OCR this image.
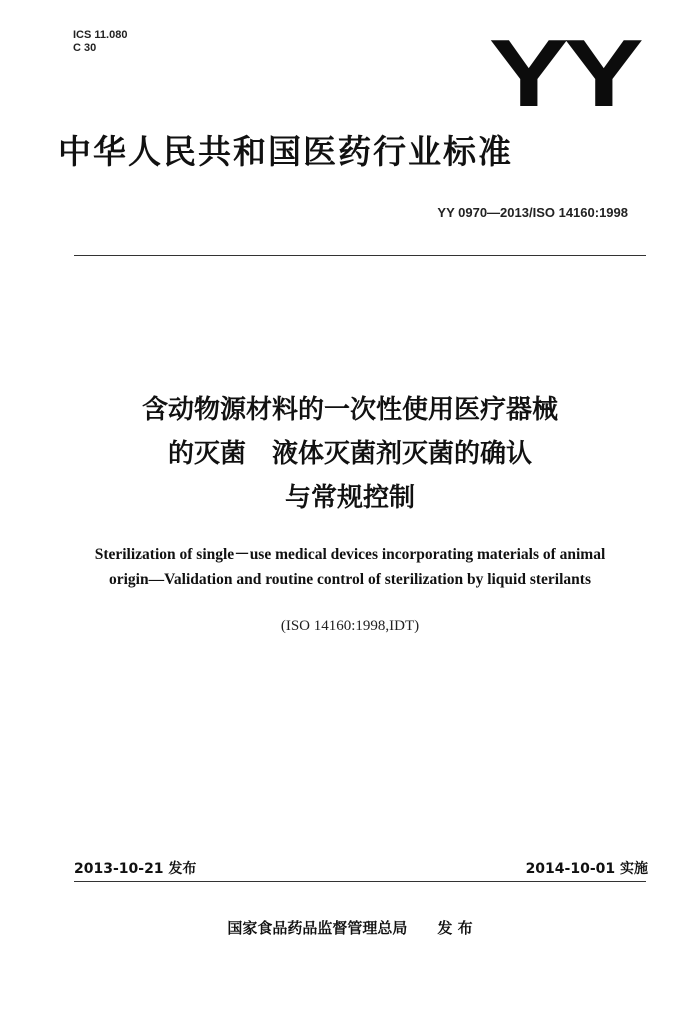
ICS 11.080
C 30	YY
中华人民共和国医药行业标准
YY 0970—2013/ISO 14160:1998
含动物源材料的一次性使用医疗器械
的灭菌　液体灭菌剂灭菌的确认
与常规控制
Sterilization of single－use medical devices incorporating materials of animal
origin—Validation and routine control of sterilization by liquid sterilants
(ISO 14160:1998,IDT)
2013-10-21 发布	2014-10-01 实施
国家食品药品监督管理总局 发 布
